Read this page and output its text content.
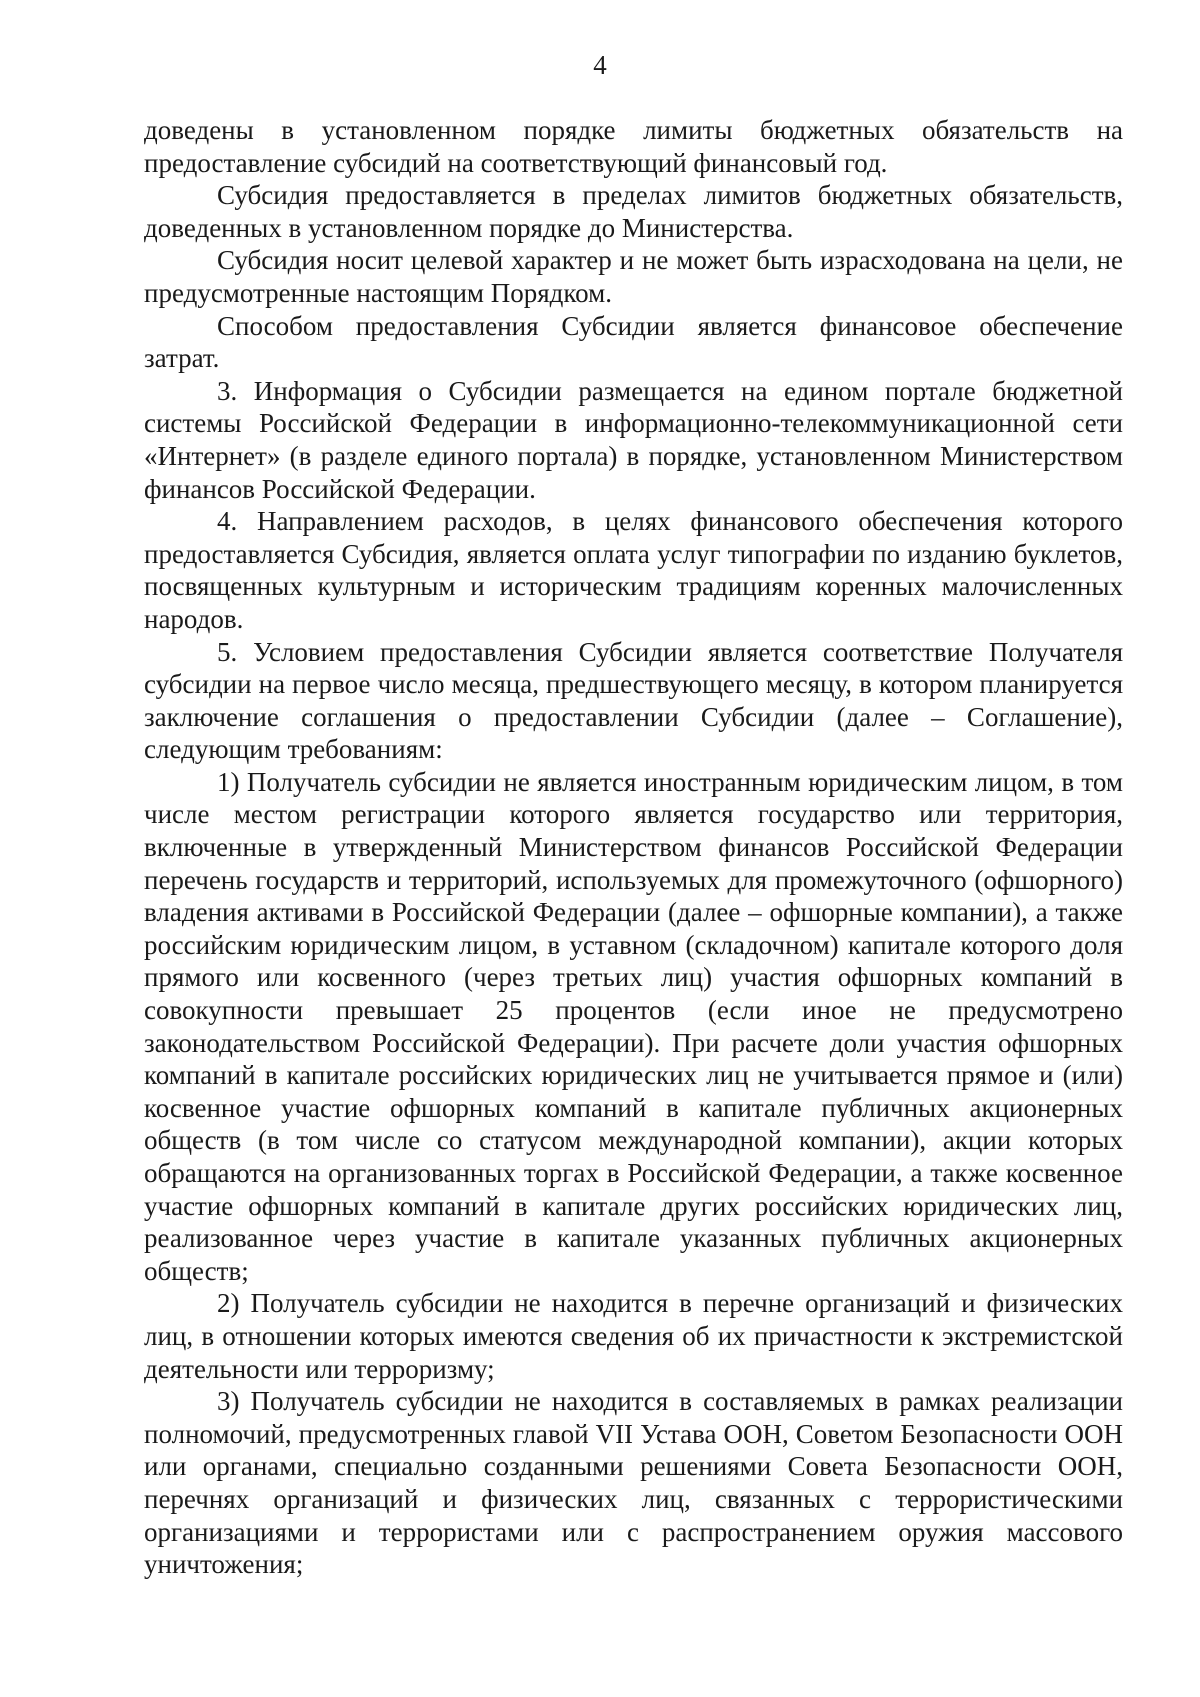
4

доведены в установленном порядке лимиты бюджетных обязательств на предоставление субсидий на соответствующий финансовый год.

Субсидия предоставляется в пределах лимитов бюджетных обязательств, доведенных в установленном порядке до Министерства.

Субсидия носит целевой характер и не может быть израсходована на цели, не предусмотренные настоящим Порядком.

Способом предоставления Субсидии является финансовое обеспечение затрат.

3. Информация о Субсидии размещается на едином портале бюджетной системы Российской Федерации в информационно-телекоммуникационной сети «Интернет» (в разделе единого портала) в порядке, установленном Министерством финансов Российской Федерации.

4. Направлением расходов, в целях финансового обеспечения которого предоставляется Субсидия, является оплата услуг типографии по изданию буклетов, посвященных культурным и историческим традициям коренных малочисленных народов.

5. Условием предоставления Субсидии является соответствие Получателя субсидии на первое число месяца, предшествующего месяцу, в котором планируется заключение соглашения о предоставлении Субсидии (далее – Соглашение), следующим требованиям:

1) Получатель субсидии не является иностранным юридическим лицом, в том числе местом регистрации которого является государство или территория, включенные в утвержденный Министерством финансов Российской Федерации перечень государств и территорий, используемых для промежуточного (офшорного) владения активами в Российской Федерации (далее – офшорные компании), а также российским юридическим лицом, в уставном (складочном) капитале которого доля прямого или косвенного (через третьих лиц) участия офшорных компаний в совокупности превышает 25 процентов (если иное не предусмотрено законодательством Российской Федерации). При расчете доли участия офшорных компаний в капитале российских юридических лиц не учитывается прямое и (или) косвенное участие офшорных компаний в капитале публичных акционерных обществ (в том числе со статусом международной компании), акции которых обращаются на организованных торгах в Российской Федерации, а также косвенное участие офшорных компаний в капитале других российских юридических лиц, реализованное через участие в капитале указанных публичных акционерных обществ;

2) Получатель субсидии не находится в перечне организаций и физических лиц, в отношении которых имеются сведения об их причастности к экстремистской деятельности или терроризму;

3) Получатель субсидии не находится в составляемых в рамках реализации полномочий, предусмотренных главой VII Устава ООН, Советом Безопасности ООН или органами, специально созданными решениями Совета Безопасности ООН, перечнях организаций и физических лиц, связанных с террористическими организациями и террористами или с распространением оружия массового уничтожения;
